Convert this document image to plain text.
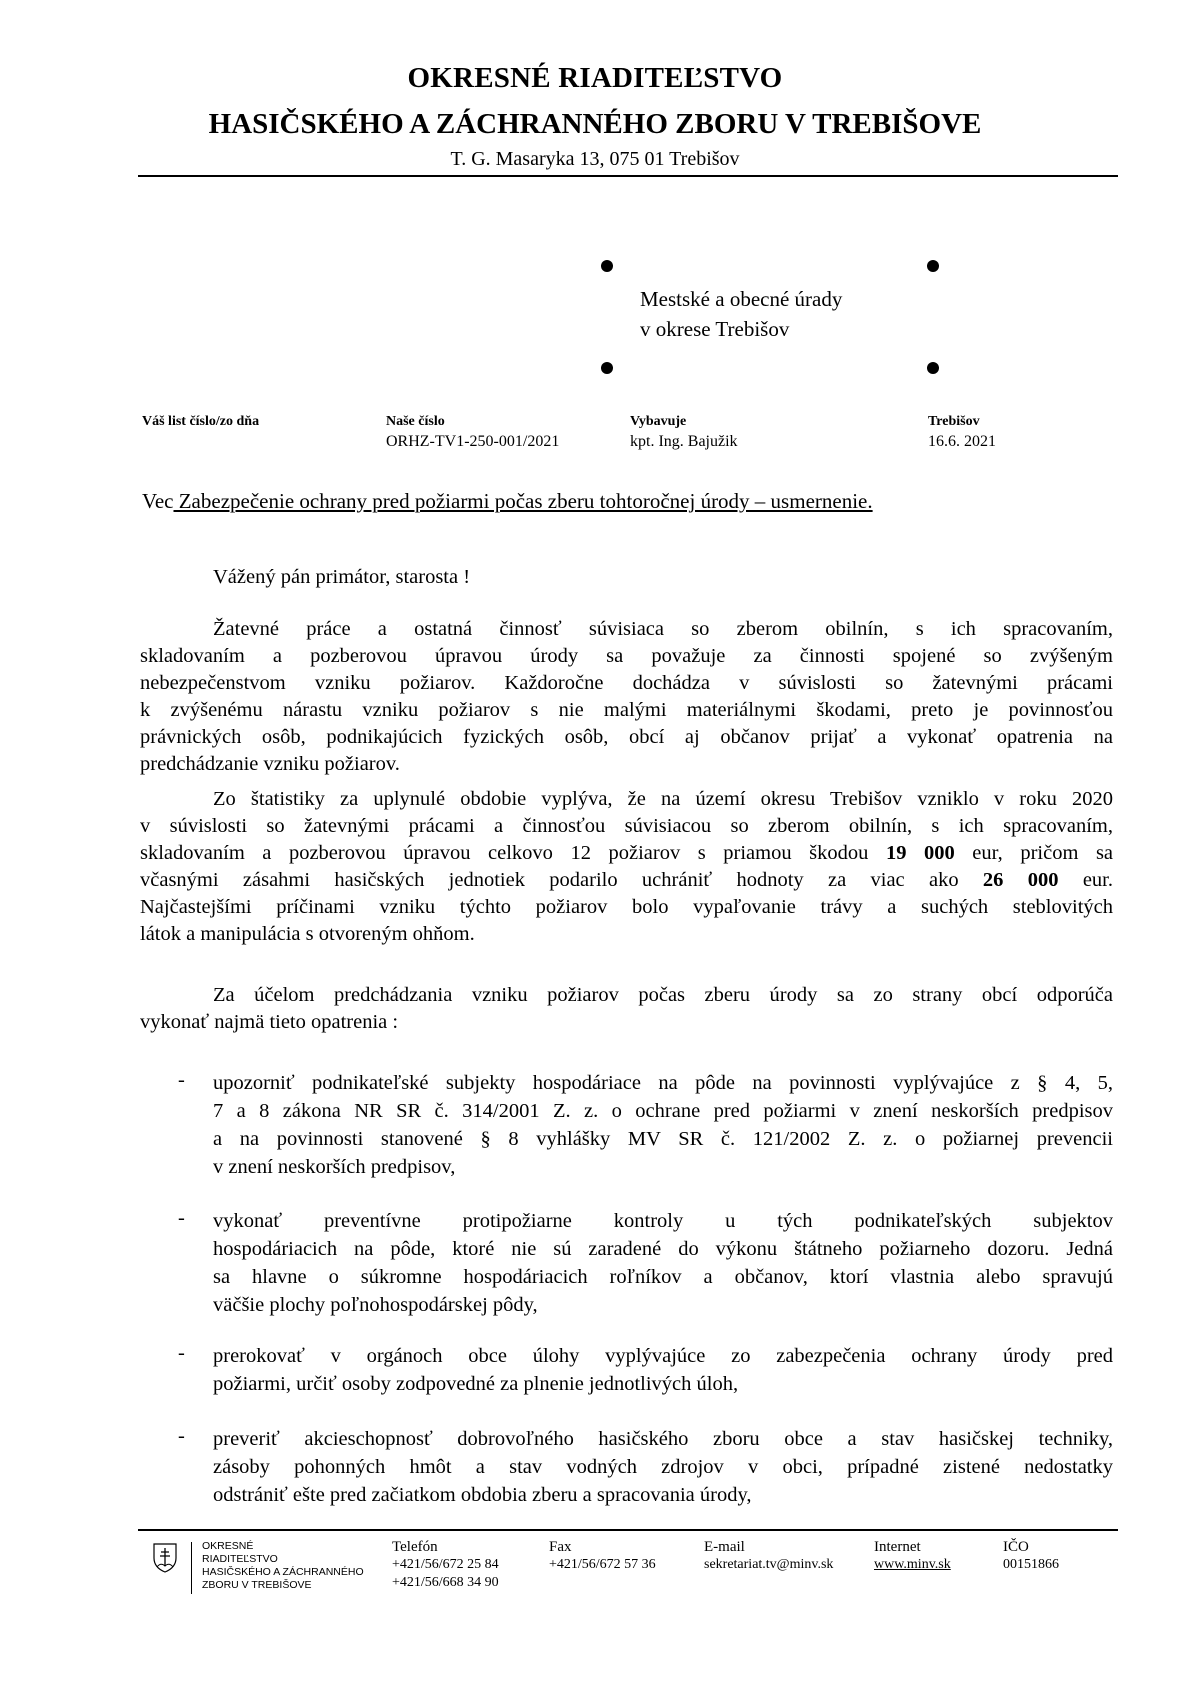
OKRESNÉ RIADITEĽSTVO
HASIČSKÉHO A ZÁCHRANNÉHO ZBORU V TREBIŠOVE
T. G. Masaryka 13, 075 01 Trebišov
Mestské a obecné úrady
v okrese Trebišov
Váš list číslo/zo dňa	Naše číslo
ORHZ-TV1-250-001/2021
Vybavuje
kpt. Ing. Bajužik
Trebišov
16.6. 2021
Vec Zabezpečenie ochrany pred požiarmi počas zberu tohtoročnej úrody – usmernenie.
Vážený pán primátor, starosta !
Žatevné práce a ostatná činnosť súvisiaca so zberom obilnín, s ich spracovaním,
skladovaním a pozberovou úpravou úrody sa považuje za činnosti spojené so zvýšeným
nebezpečenstvom vzniku požiarov. Každoročne dochádza v súvislosti so žatevnými prácami
k zvýšenému nárastu vzniku požiarov s nie malými materiálnymi škodami, preto je povinnosťou
právnických osôb, podnikajúcich fyzických osôb, obcí aj občanov prijať a vykonať opatrenia na
predchádzanie vzniku požiarov.
Zo štatistiky za uplynulé obdobie vyplýva, že na území okresu Trebišov vzniklo v roku 2020
v súvislosti so žatevnými prácami a činnosťou súvisiacou so zberom obilnín, s ich spracovaním,
skladovaním a pozberovou úpravou celkovo 12 požiarov s priamou škodou 19 000 eur, pričom sa
včasnými zásahmi hasičských jednotiek podarilo uchrániť hodnoty za viac ako 26 000 eur.
Najčastejšími príčinami vzniku týchto požiarov bolo vypaľovanie trávy a suchých steblovitých
látok a manipulácia s otvoreným ohňom.
Za účelom predchádzania vzniku požiarov počas zberu úrody sa zo strany obcí odporúča
vykonať najmä tieto opatrenia :
- upozorniť podnikateľské subjekty hospodáriace na pôde na povinnosti vyplývajúce z § 4, 5,
7 a 8 zákona NR SR č. 314/2001 Z. z. o ochrane pred požiarmi v znení neskorších predpisov
a na povinnosti stanovené § 8 vyhlášky MV SR č. 121/2002 Z. z. o požiarnej prevencii
v znení neskorších predpisov,
- vykonať preventívne protipožiarne kontroly u tých podnikateľských subjektov
hospodáriacich na pôde, ktoré nie sú zaradené do výkonu štátneho požiarneho dozoru. Jedná
sa hlavne o súkromne hospodáriacich roľníkov a občanov, ktorí vlastnia alebo spravujú
väčšie plochy poľnohospodárskej pôdy,
- prerokovať v orgánoch obce úlohy vyplývajúce zo zabezpečenia ochrany úrody pred
požiarmi, určiť osoby zodpovedné za plnenie jednotlivých úloh,
- preveriť akcieschopnosť dobrovoľného hasičského zboru obce a stav hasičskej techniky,
zásoby pohonných hmôt a stav vodných zdrojov v obci, prípadné zistené nedostatky
odstrániť ešte pred začiatkom obdobia zberu a spracovania úrody,
OKRESNÉ
RIADITEĽSTVO
HASIČSKÉHO A ZÁCHRANNÉHO
ZBORU V TREBIŠOVE
Telefón
+421/56/672 25 84
+421/56/668 34 90
Fax
+421/56/672 57 36
E-mail
sekretariat.tv@minv.sk
Internet
www.minv.sk
IČO
00151866
